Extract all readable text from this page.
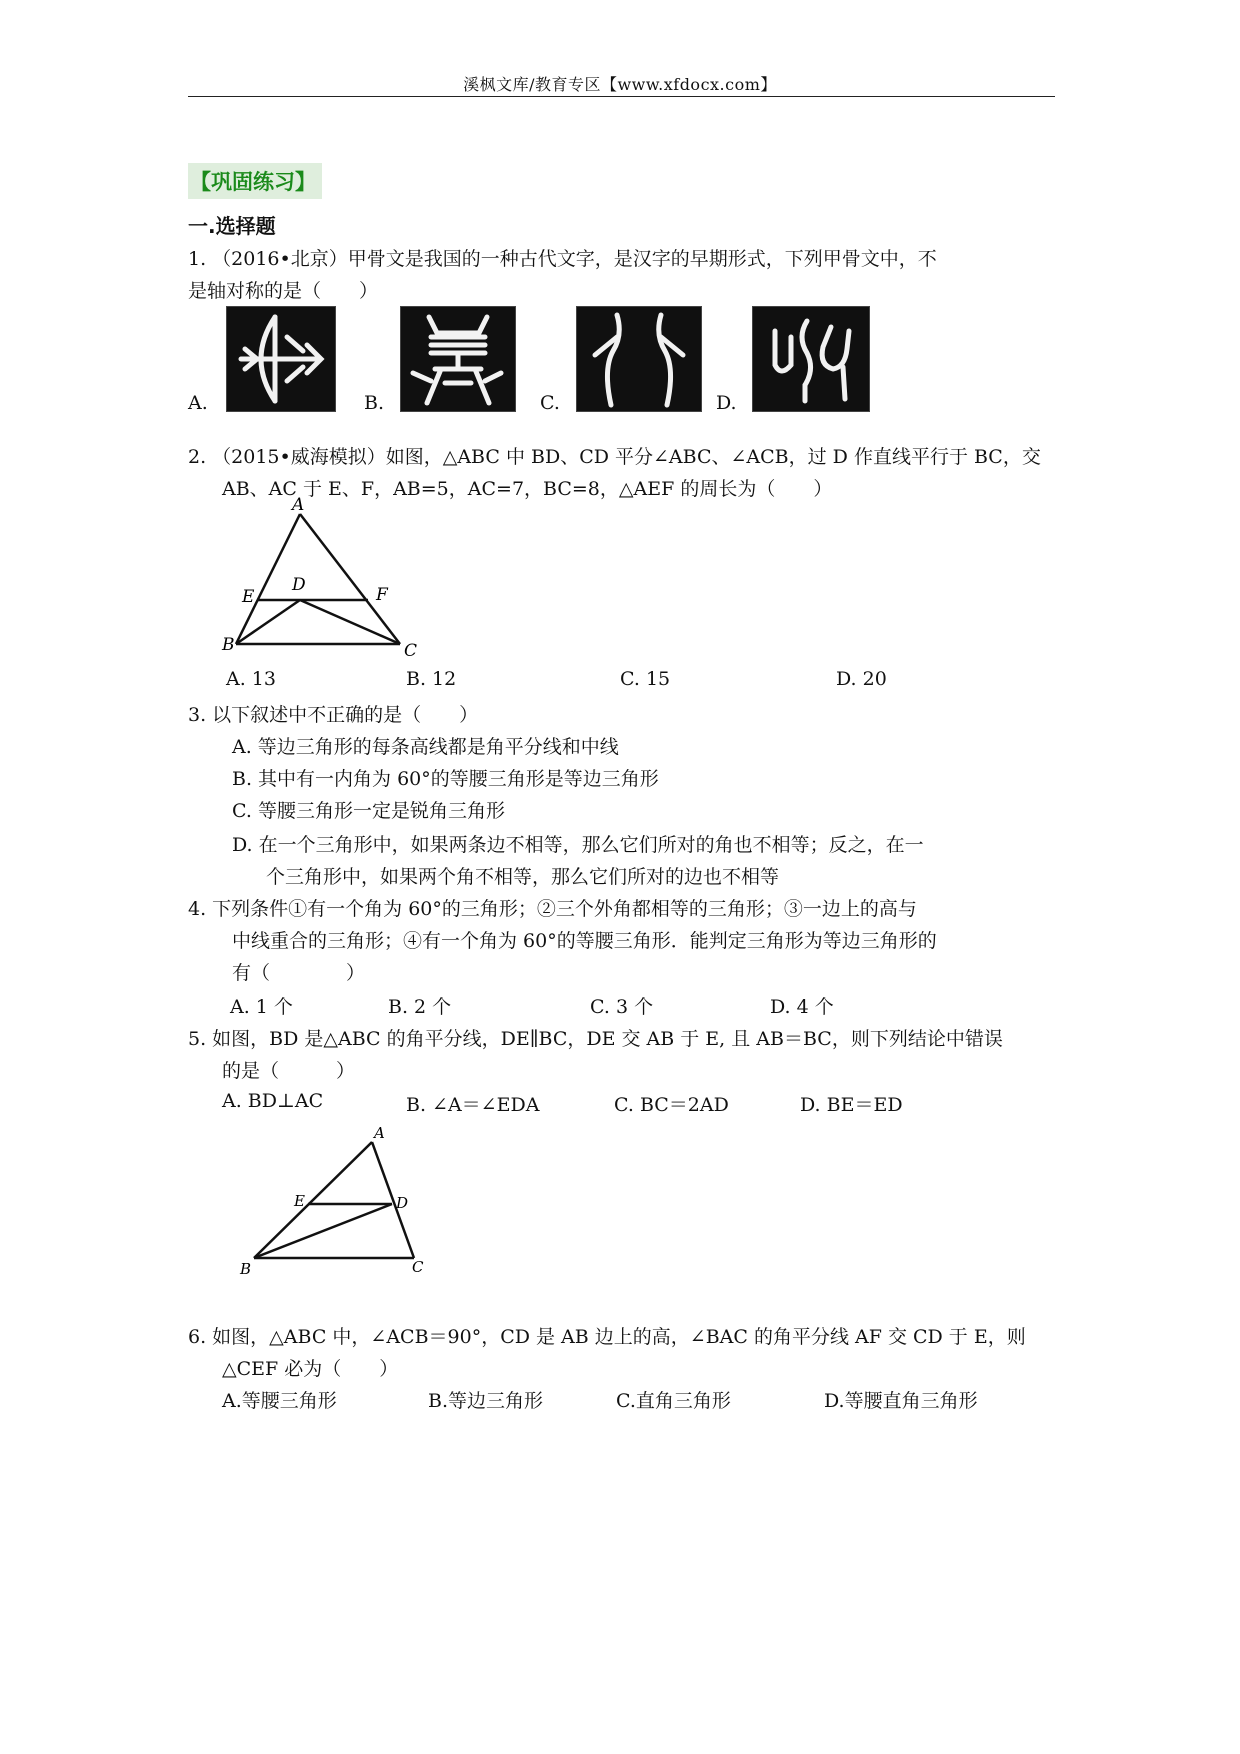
溪枫文库/教育专区【www.xfdocx.com】
【巩固练习】
一.选择题
1. （2016•北京）甲骨文是我国的一种古代文字，是汉字的早期形式，下列甲骨文中，不
是轴对称的是（　　）
A.	B.	C.	D.
2. （2015•威海模拟）如图，△ABC 中 BD、CD 平分∠ABC、∠ACB，过 D 作直线平行于 BC，交
AB、AC 于 E、F，AB=5，AC=7，BC=8，△AEF 的周长为（　　）
A
E
D	F
B	C
A. 13	B. 12	C. 15	D. 20
3. 以下叙述中不正确的是（　　）
A. 等边三角形的每条高线都是角平分线和中线
B. 其中有一内角为 60°的等腰三角形是等边三角形
C. 等腰三角形一定是锐角三角形
D. 在一个三角形中，如果两条边不相等，那么它们所对的角也不相等；反之，在一
个三角形中，如果两个角不相等，那么它们所对的边也不相等
4. 下列条件①有一个角为 60°的三角形；②三个外角都相等的三角形；③一边上的高与
中线重合的三角形；④有一个角为 60°的等腰三角形．能判定三角形为等边三角形的
有（　　　　）
A. 1 个	B. 2 个	C. 3 个	D. 4 个
5. 如图，BD 是△ABC 的角平分线，DE∥BC，DE 交 AB 于 E, 且 AB＝BC，则下列结论中错误
的是（　　　）
A. BD⊥AC	B. ∠A＝∠EDA	C. BC＝2AD	D. BE＝ED
A
E	D
B	C
6. 如图，△ABC 中，∠ACB＝90°，CD 是 AB 边上的高，∠BAC 的角平分线 AF 交 CD 于 E，则
△CEF 必为（　　）
A.等腰三角形	B.等边三角形	C.直角三角形	D.等腰直角三角形
